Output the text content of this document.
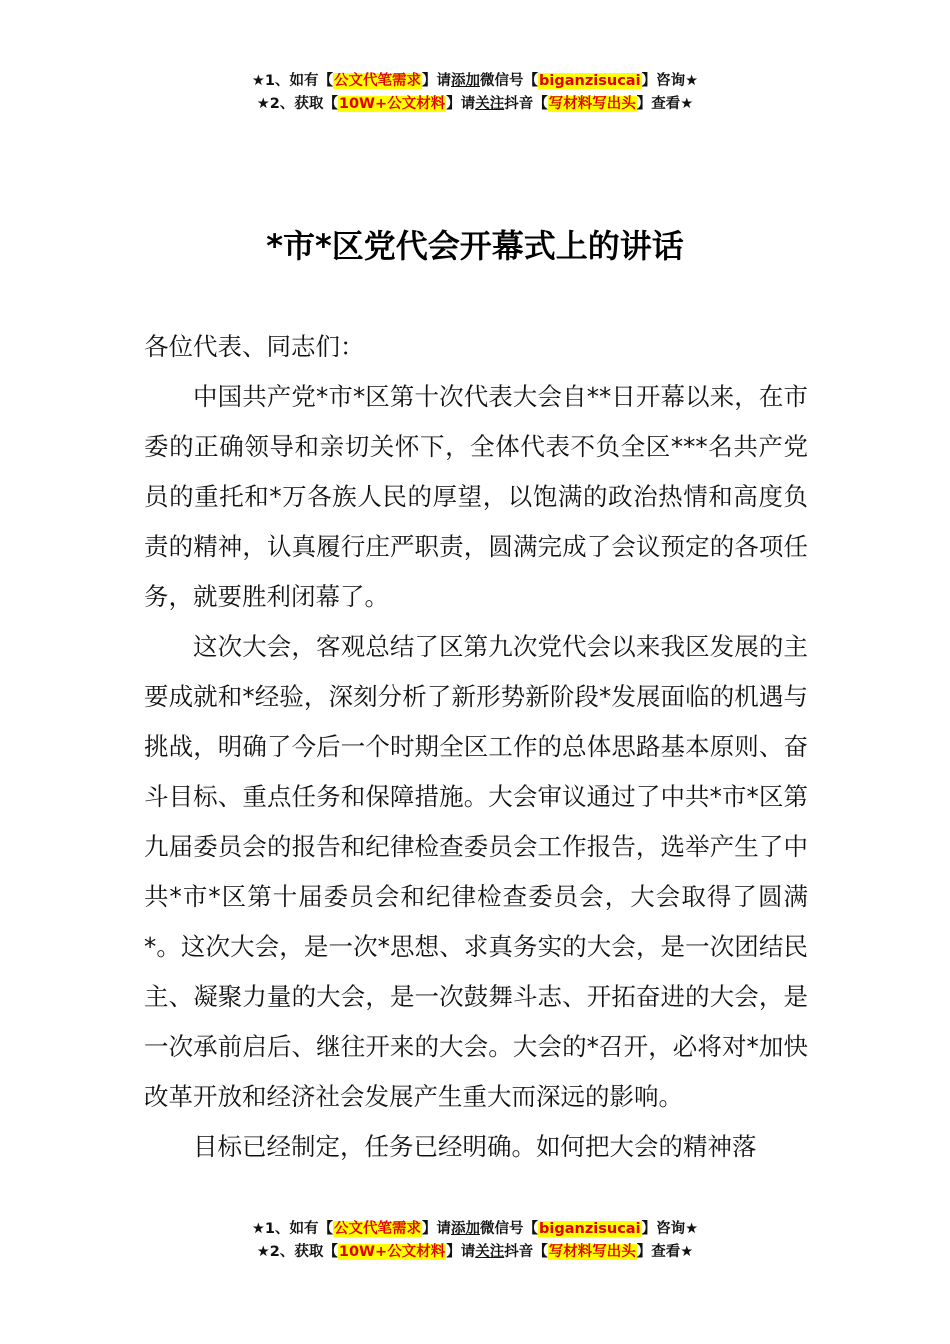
★1、如有【公文代笔需求】请添加微信号【biganzisucai】咨询★
★2、获取【10W+公文材料】请关注抖音【写材料写出头】查看★
*市*区党代会开幕式上的讲话

各位代表、同志们：

中国共产党*市*区第十次代表大会自**日开幕以来，在市委的正确领导和亲切关怀下，全体代表不负全区***名共产党员的重托和*万各族人民的厚望，以饱满的政治热情和高度负责的精神，认真履行庄严职责，圆满完成了会议预定的各项任务，就要胜利闭幕了。

这次大会，客观总结了区第九次党代会以来我区发展的主要成就和*经验，深刻分析了新形势新阶段*发展面临的机遇与挑战，明确了今后一个时期全区工作的总体思路基本原则、奋斗目标、重点任务和保障措施。大会审议通过了中共*市*区第九届委员会的报告和纪律检查委员会工作报告，选举产生了中共*市*区第十届委员会和纪律检查委员会，大会取得了圆满*。这次大会，是一次*思想、求真务实的大会，是一次团结民主、凝聚力量的大会，是一次鼓舞斗志、开拓奋进的大会，是一次承前启后、继往开来的大会。大会的*召开，必将对*加快改革开放和经济社会发展产生重大而深远的影响。

目标已经制定，任务已经明确。如何把大会的精神落

★1、如有【公文代笔需求】请添加微信号【biganzisucai】咨询★
★2、获取【10W+公文材料】请关注抖音【写材料写出头】查看★
